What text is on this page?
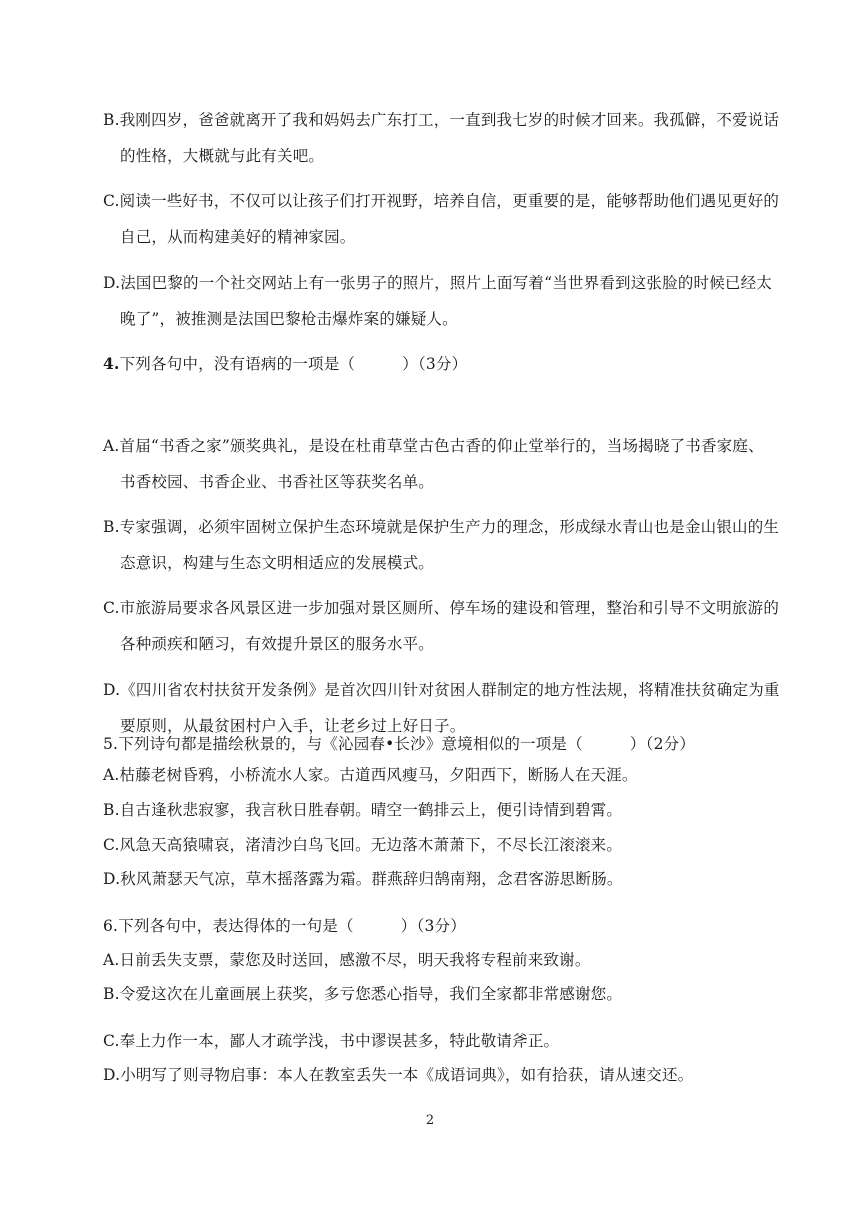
B.我刚四岁，爸爸就离开了我和妈妈去广东打工，一直到我七岁的时候才回来。我孤僻，不爱说话
的性格，大概就与此有关吧。
C.阅读一些好书，不仅可以让孩子们打开视野，培养自信，更重要的是，能够帮助他们遇见更好的
自己，从而构建美好的精神家园。
D.法国巴黎的一个社交网站上有一张男子的照片，照片上面写着“当世界看到这张脸的时候已经太
晚了”，被推测是法国巴黎枪击爆炸案的嫌疑人。
4.下列各句中，没有语病的一项是（　　　）（3分）
A.首届“书香之家”颁奖典礼，是设在杜甫草堂古色古香的仰止堂举行的，当场揭晓了书香家庭、
书香校园、书香企业、书香社区等获奖名单。
B.专家强调，必须牢固树立保护生态环境就是保护生产力的理念，形成绿水青山也是金山银山的生
态意识，构建与生态文明相适应的发展模式。
C.市旅游局要求各风景区进一步加强对景区厕所、停车场的建设和管理，整治和引导不文明旅游的
各种顽疾和陋习，有效提升景区的服务水平。
D.《四川省农村扶贫开发条例》是首次四川针对贫困人群制定的地方性法规，将精准扶贫确定为重
要原则，从最贫困村户入手，让老乡过上好日子。
5.下列诗句都是描绘秋景的，与《沁园春•长沙》意境相似的一项是（　　　）（2分）
A.枯藤老树昏鸦，小桥流水人家。古道西风瘦马，夕阳西下，断肠人在天涯。
B.自古逢秋悲寂寥，我言秋日胜春朝。晴空一鹤排云上，便引诗情到碧霄。
C.风急天高猿啸哀，渚清沙白鸟飞回。无边落木萧萧下，不尽长江滚滚来。
D.秋风萧瑟天气凉，草木摇落露为霜。群燕辞归鹄南翔，念君客游思断肠。
6.下列各句中，表达得体的一句是（　　　）（3分）
A.日前丢失支票，蒙您及时送回，感激不尽，明天我将专程前来致谢。
B.令爱这次在儿童画展上获奖，多亏您悉心指导，我们全家都非常感谢您。
C.奉上力作一本，鄙人才疏学浅，书中谬误甚多，特此敬请斧正。
D.小明写了则寻物启事：本人在教室丢失一本《成语词典》，如有拾获，请从速交还。
2
